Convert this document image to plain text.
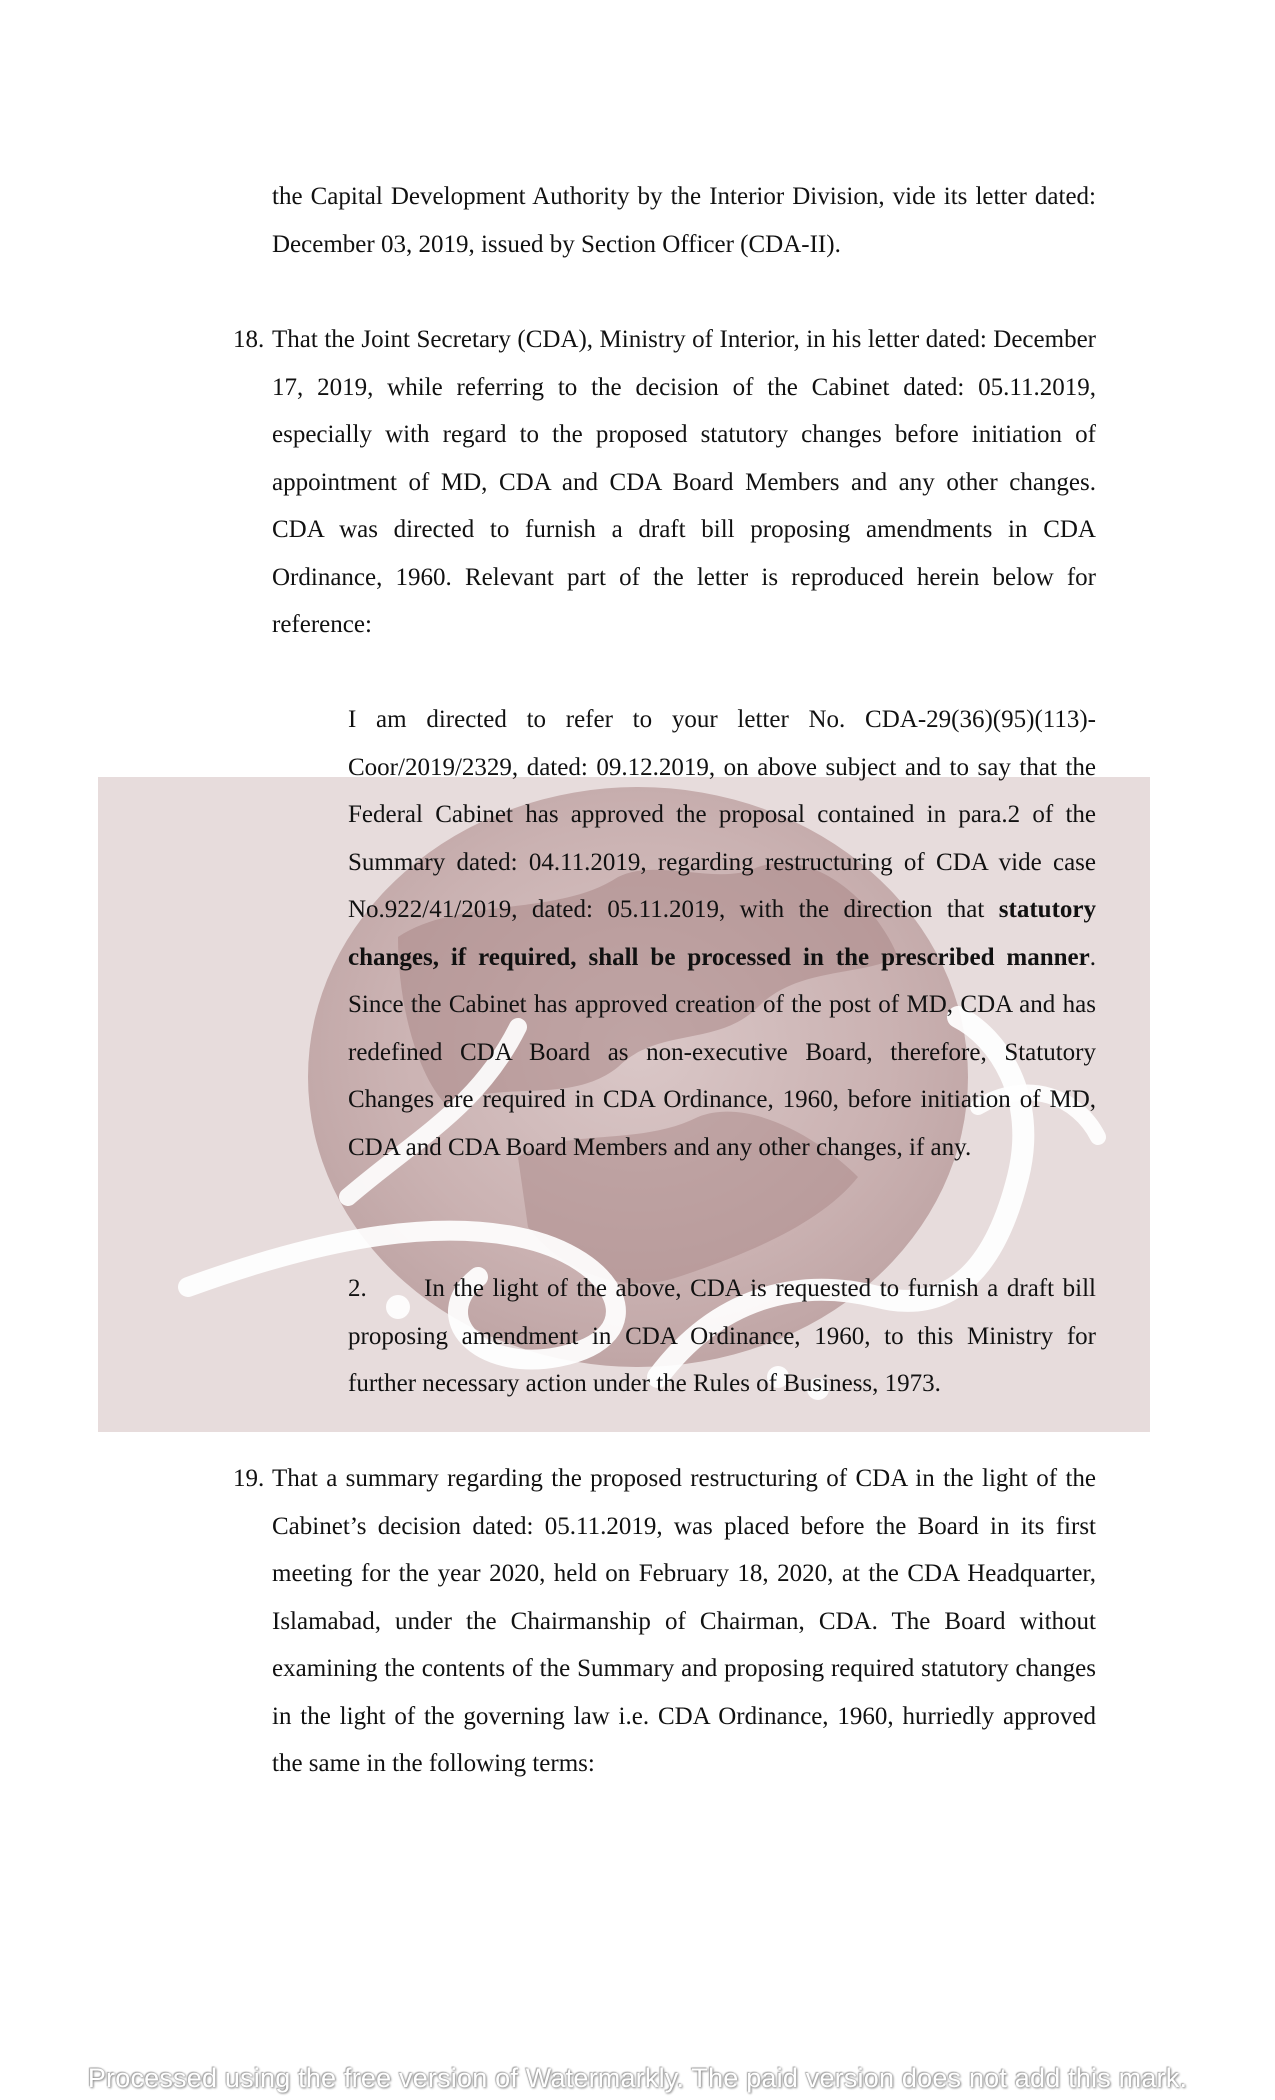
the Capital Development Authority by the Interior Division, vide its letter dated: December 03, 2019, issued by Section Officer (CDA-II).

18. That the Joint Secretary (CDA), Ministry of Interior, in his letter dated: December 17, 2019, while referring to the decision of the Cabinet dated: 05.11.2019, especially with regard to the proposed statutory changes before initiation of appointment of MD, CDA and CDA Board Members and any other changes. CDA was directed to furnish a draft bill proposing amendments in CDA Ordinance, 1960. Relevant part of the letter is reproduced herein below for reference:

I am directed to refer to your letter No. CDA-29(36)(95)(113)-Coor/2019/2329, dated: 09.12.2019, on above subject and to say that the Federal Cabinet has approved the proposal contained in para.2 of the Summary dated: 04.11.2019, regarding restructuring of CDA vide case No.922/41/2019, dated: 05.11.2019, with the direction that statutory changes, if required, shall be processed in the prescribed manner. Since the Cabinet has approved creation of the post of MD, CDA and has redefined CDA Board as non-executive Board, therefore, Statutory Changes are required in CDA Ordinance, 1960, before initiation of MD, CDA and CDA Board Members and any other changes, if any.

2. In the light of the above, CDA is requested to furnish a draft bill proposing amendment in CDA Ordinance, 1960, to this Ministry for further necessary action under the Rules of Business, 1973.

19. That a summary regarding the proposed restructuring of CDA in the light of the Cabinet’s decision dated: 05.11.2019, was placed before the Board in its first meeting for the year 2020, held on February 18, 2020, at the CDA Headquarter, Islamabad, under the Chairmanship of Chairman, CDA. The Board without examining the contents of the Summary and proposing required statutory changes in the light of the governing law i.e. CDA Ordinance, 1960, hurriedly approved the same in the following terms:

Processed using the free version of Watermarkly. The paid version does not add this mark.
